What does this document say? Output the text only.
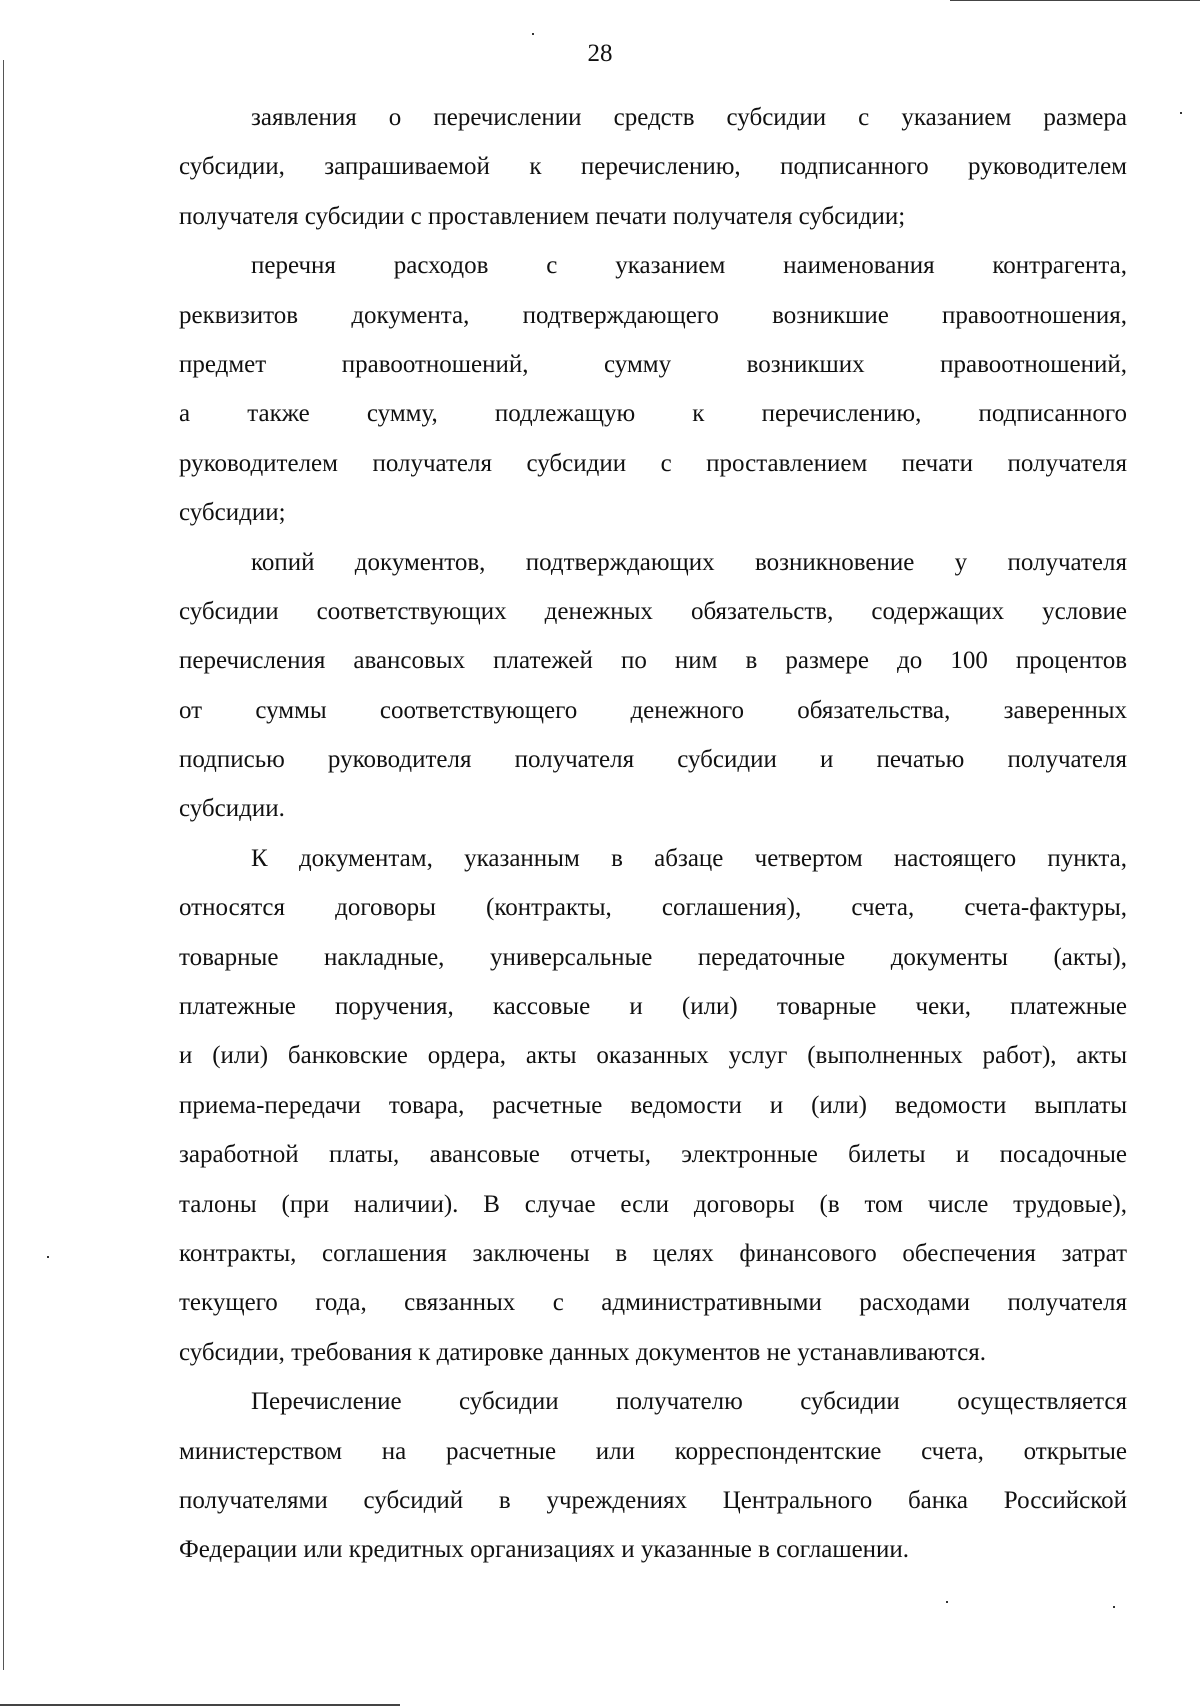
28
заявления о перечислении средств субсидии с указанием размера
субсидии, запрашиваемой к перечислению, подписанного руководителем
получателя субсидии с проставлением печати получателя субсидии;
перечня расходов с указанием наименования контрагента,
реквизитов документа, подтверждающего возникшие правоотношения,
предмет правоотношений, сумму возникших правоотношений,
а также сумму, подлежащую к перечислению, подписанного
руководителем получателя субсидии с проставлением печати получателя
субсидии;
копий документов, подтверждающих возникновение у получателя
субсидии соответствующих денежных обязательств, содержащих условие
перечисления авансовых платежей по ним в размере до 100 процентов
от суммы соответствующего денежного обязательства, заверенных
подписью руководителя получателя субсидии и печатью получателя
субсидии.
К документам, указанным в абзаце четвертом настоящего пункта,
относятся договоры (контракты, соглашения), счета, счета-фактуры,
товарные накладные, универсальные передаточные документы (акты),
платежные поручения, кассовые и (или) товарные чеки, платежные
и (или) банковские ордера, акты оказанных услуг (выполненных работ), акты
приема-передачи товара, расчетные ведомости и (или) ведомости выплаты
заработной платы, авансовые отчеты, электронные билеты и посадочные
талоны (при наличии). В случае если договоры (в том числе трудовые),
контракты, соглашения заключены в целях финансового обеспечения затрат
текущего года, связанных с административными расходами получателя
субсидии, требования к датировке данных документов не устанавливаются.
Перечисление субсидии получателю субсидии осуществляется
министерством на расчетные или корреспондентские счета, открытые
получателями субсидий в учреждениях Центрального банка Российской
Федерации или кредитных организациях и указанные в соглашении.
